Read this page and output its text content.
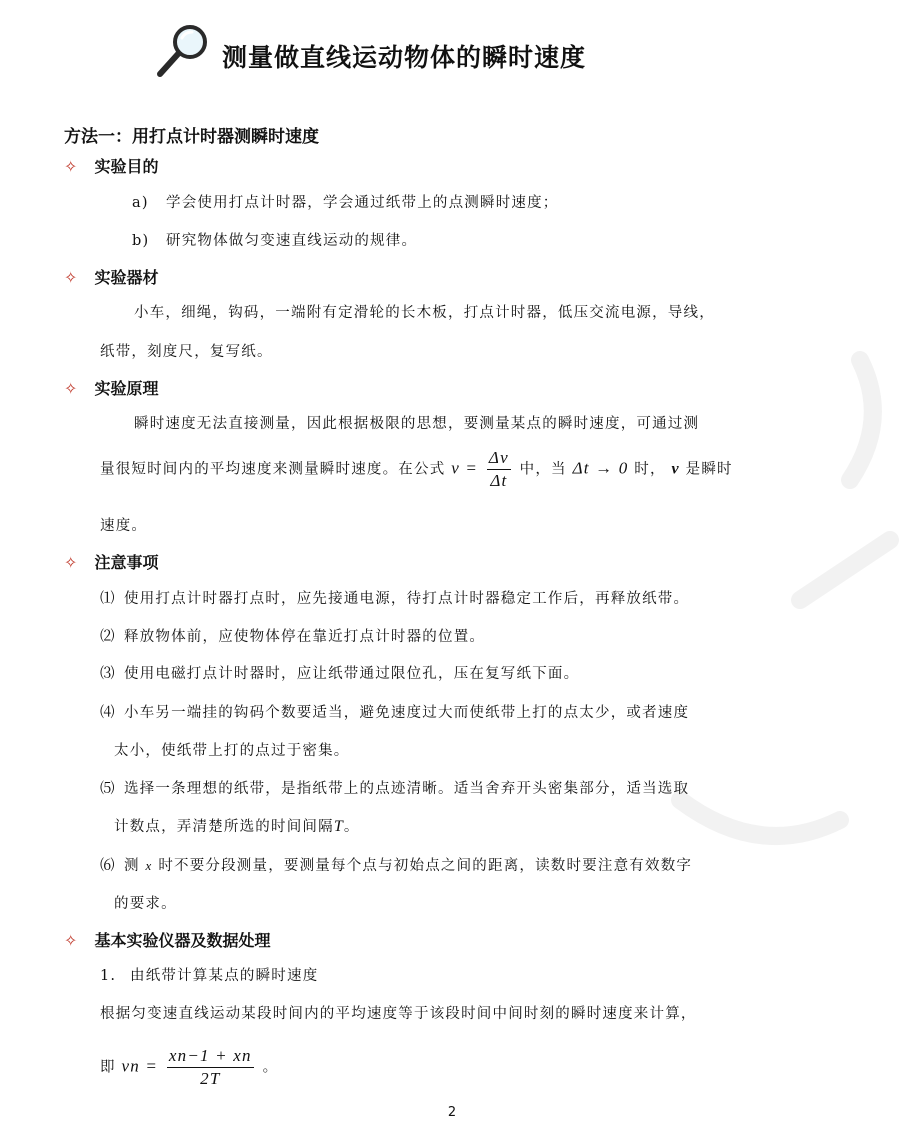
测量做直线运动物体的瞬时速度
方法一：用打点计时器测瞬时速度
✧ 实验目的
a) 学会使用打点计时器，学会通过纸带上的点测瞬时速度；
b) 研究物体做匀变速直线运动的规律。
✧ 实验器材
小车，细绳，钩码，一端附有定滑轮的长木板，打点计时器，低压交流电源，导线，
纸带，刻度尺，复写纸。
✧ 实验原理
瞬时速度无法直接测量，因此根据极限的思想，要测量某点的瞬时速度，可通过测
量很短时间内的平均速度来测量瞬时速度。在公式 $v = \frac{\Delta v}{\Delta t}$ 中，当 Δt → 0 时， v 是瞬时
速度。
✧ 注意事项
⑴ 使用打点计时器打点时，应先接通电源，待打点计时器稳定工作后，再释放纸带。
⑵ 释放物体前，应使物体停在靠近打点计时器的位置。
⑶ 使用电磁打点计时器时，应让纸带通过限位孔，压在复写纸下面。
⑷ 小车另一端挂的钩码个数要适当，避免速度过大而使纸带上打的点太少，或者速度
太小，使纸带上打的点过于密集。
⑸ 选择一条理想的纸带，是指纸带上的点迹清晰。适当舍弃开头密集部分，适当选取
计数点，弄清楚所选的时间间隔T。
⑹ 测 x 时不要分段测量，要测量每个点与初始点之间的距离，读数时要注意有效数字
的要求。
✧ 基本实验仪器及数据处理
1. 由纸带计算某点的瞬时速度
根据匀变速直线运动某段时间内的平均速度等于该段时间中间时刻的瞬时速度来计算，
即 vn = $\frac{xn-1 + xn}{2T}$ 。
2
